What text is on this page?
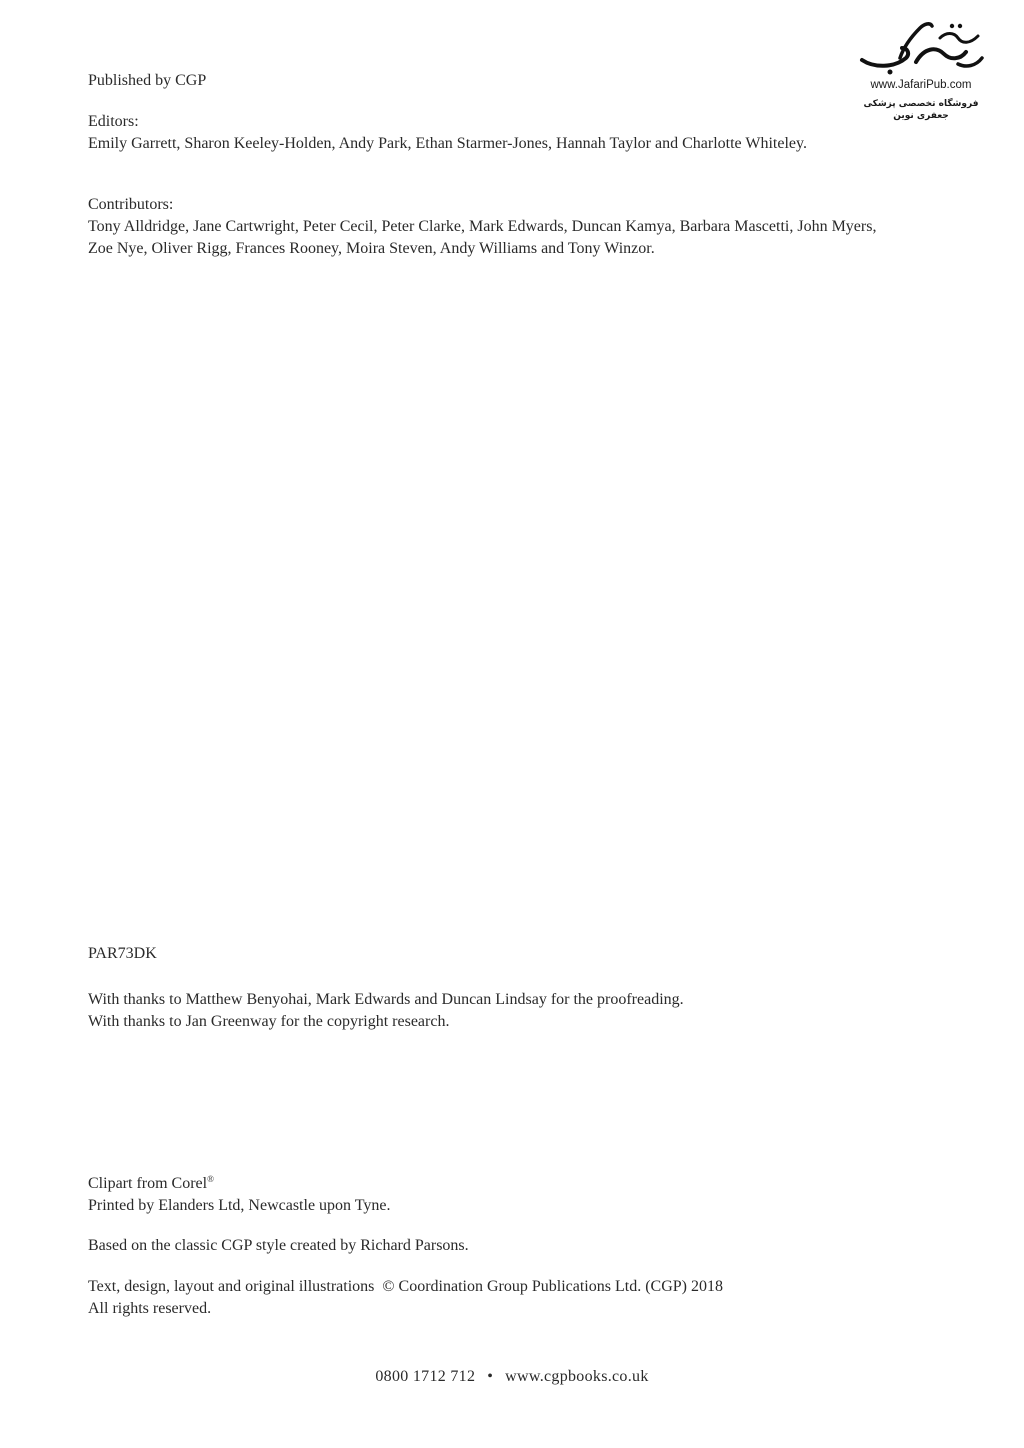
www.JafariPub.com
فروشگاه تخصصی پزشکی جعفری نوین

Published by CGP

Editors:

Emily Garrett, Sharon Keeley-Holden, Andy Park, Ethan Starmer-Jones, Hannah Taylor and Charlotte Whiteley.

Contributors:

Tony Alldridge, Jane Cartwright, Peter Cecil, Peter Clarke, Mark Edwards, Duncan Kamya, Barbara Mascetti, John Myers,

Zoe Nye, Oliver Rigg, Frances Rooney, Moira Steven, Andy Williams and Tony Winzor.

PAR73DK

With thanks to Matthew Benyohai, Mark Edwards and Duncan Lindsay for the proofreading.

With thanks to Jan Greenway for the copyright research.

Clipart from Corel®

Printed by Elanders Ltd, Newcastle upon Tyne.

Based on the classic CGP style created by Richard Parsons.

Text, design, layout and original illustrations  © Coordination Group Publications Ltd. (CGP) 2018

All rights reserved.

0800 1712 712 • www.cgpbooks.co.uk
